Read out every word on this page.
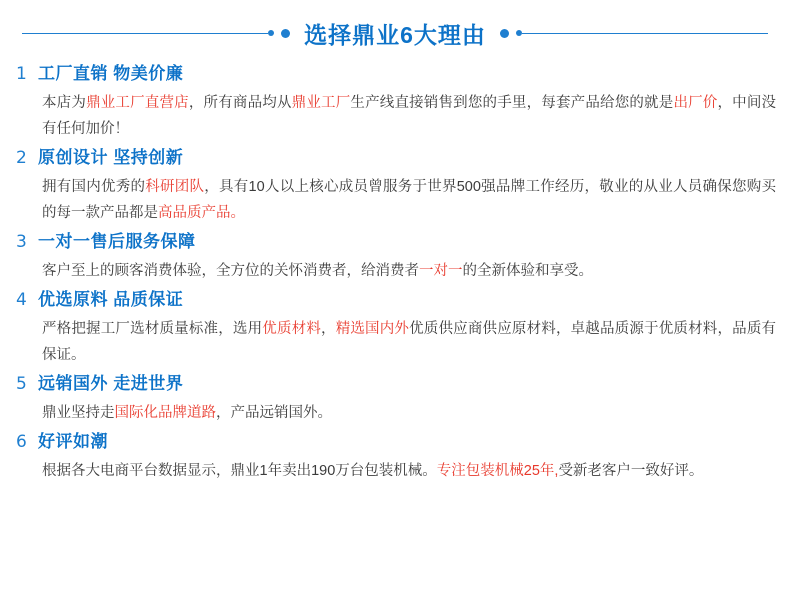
选择鼎业6大理由
1 工厂直销 物美价廉
本店为鼎业工厂直营店，所有商品均从鼎业工厂生产线直接销售到您的手里，每套产品给您的就是出厂价，中间没有任何加价！
2 原创设计 坚持创新
拥有国内优秀的科研团队，具有10人以上核心成员曾服务于世界500强品牌工作经历，敬业的从业人员确保您购买的每一款产品都是高品质产品。
3 一对一售后服务保障
客户至上的顾客消费体验，全方位的关怀消费者，给消费者一对一的全新体验和享受。
4 优选原料 品质保证
严格把握工厂选材质量标准，选用优质材料，精选国内外优质供应商供应原材料，卓越品质源于优质材料，品质有保证。
5 远销国外 走进世界
鼎业坚持走国际化品牌道路，产品远销国外。
6 好评如潮
根据各大电商平台数据显示，鼎业1年卖出190万台包装机械。专注包装机械25年,受新老客户一致好评。
